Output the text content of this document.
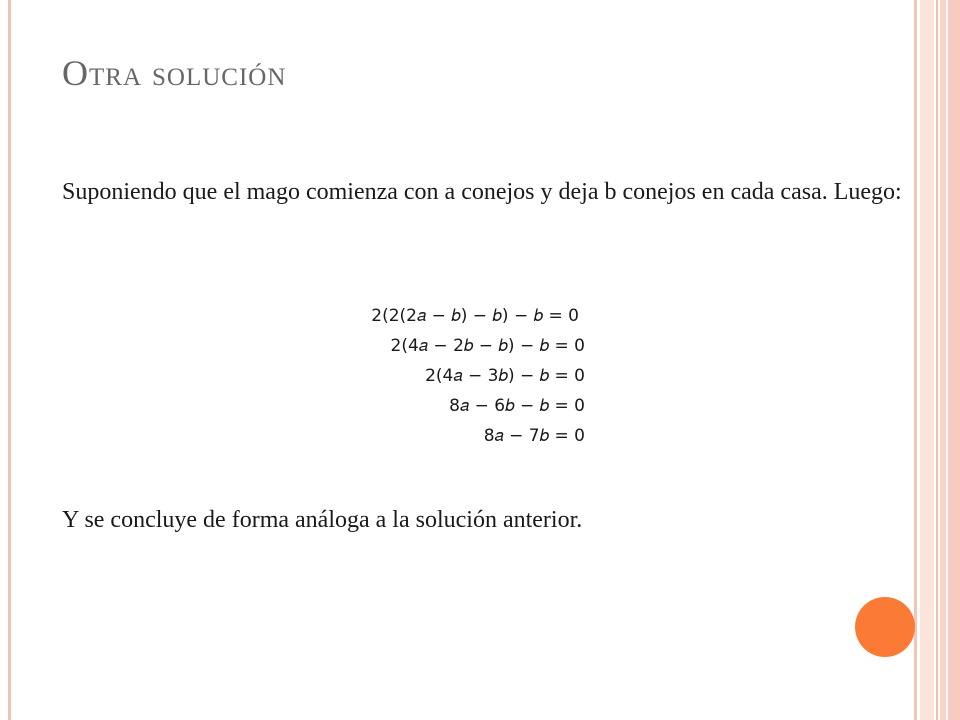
Otra solución

Suponiendo que el mago comienza con a conejos y deja b conejos en cada casa. Luego:

2(2(2𝑎 − 𝑏) − 𝑏) − 𝑏 = 0
2(4𝑎 − 2𝑏 − 𝑏) − 𝑏 = 0
2(4𝑎 − 3𝑏) − 𝑏 = 0
8𝑎 − 6𝑏 − 𝑏 = 0
8𝑎 − 7𝑏 = 0

Y se concluye de forma análoga a la solución anterior.
